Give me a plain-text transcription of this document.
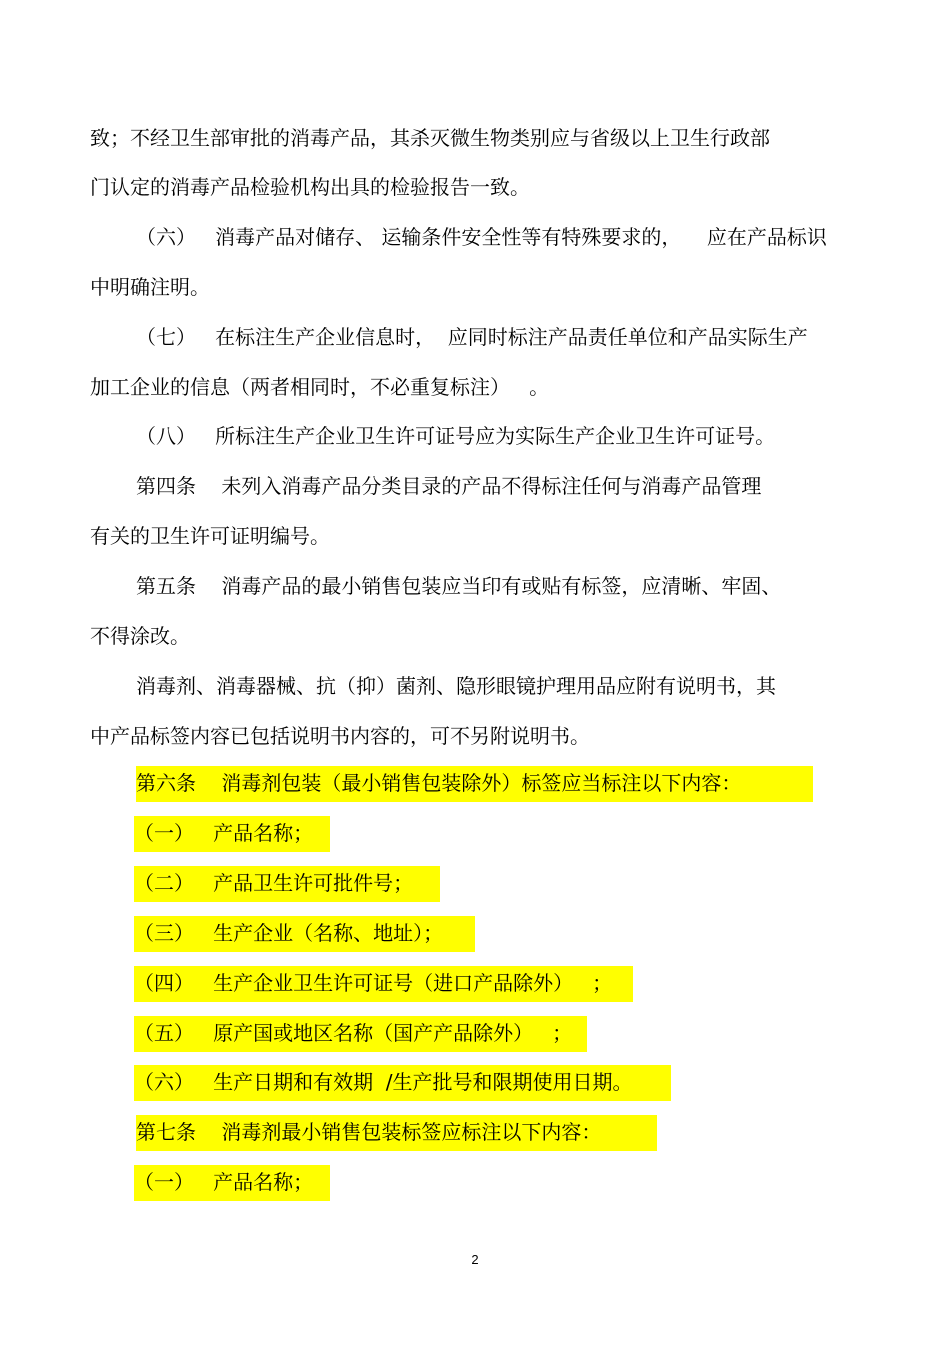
致；不经卫生部审批的消毒产品，其杀灭微生物类别应与省级以上卫生行政部
门认定的消毒产品检验机构出具的检验报告一致。
（六）   消毒产品对储存、 运输条件安全性等有特殊要求的，    应在产品标识
中明确注明。
（七）   在标注生产企业信息时，  应同时标注产品责任单位和产品实际生产
加工企业的信息（两者相同时，不必重复标注）   。
（八）   所标注生产企业卫生许可证号应为实际生产企业卫生许可证号。
第四条    未列入消毒产品分类目录的产品不得标注任何与消毒产品管理
有关的卫生许可证明编号。
第五条    消毒产品的最小销售包装应当印有或贴有标签，应清晰、牢固、
不得涂改。
消毒剂、消毒器械、抗（抑）菌剂、隐形眼镜护理用品应附有说明书，其
中产品标签内容已包括说明书内容的，可不另附说明书。
第六条    消毒剂包装（最小销售包装除外）标签应当标注以下内容：
（一）   产品名称；
（二）   产品卫生许可批件号；
（三）   生产企业（名称、地址）；
（四）   生产企业卫生许可证号（进口产品除外）   ；
（五）   原产国或地区名称（国产产品除外）   ；
（六）   生产日期和有效期  /生产批号和限期使用日期。
第七条    消毒剂最小销售包装标签应标注以下内容：
（一）   产品名称；
2
